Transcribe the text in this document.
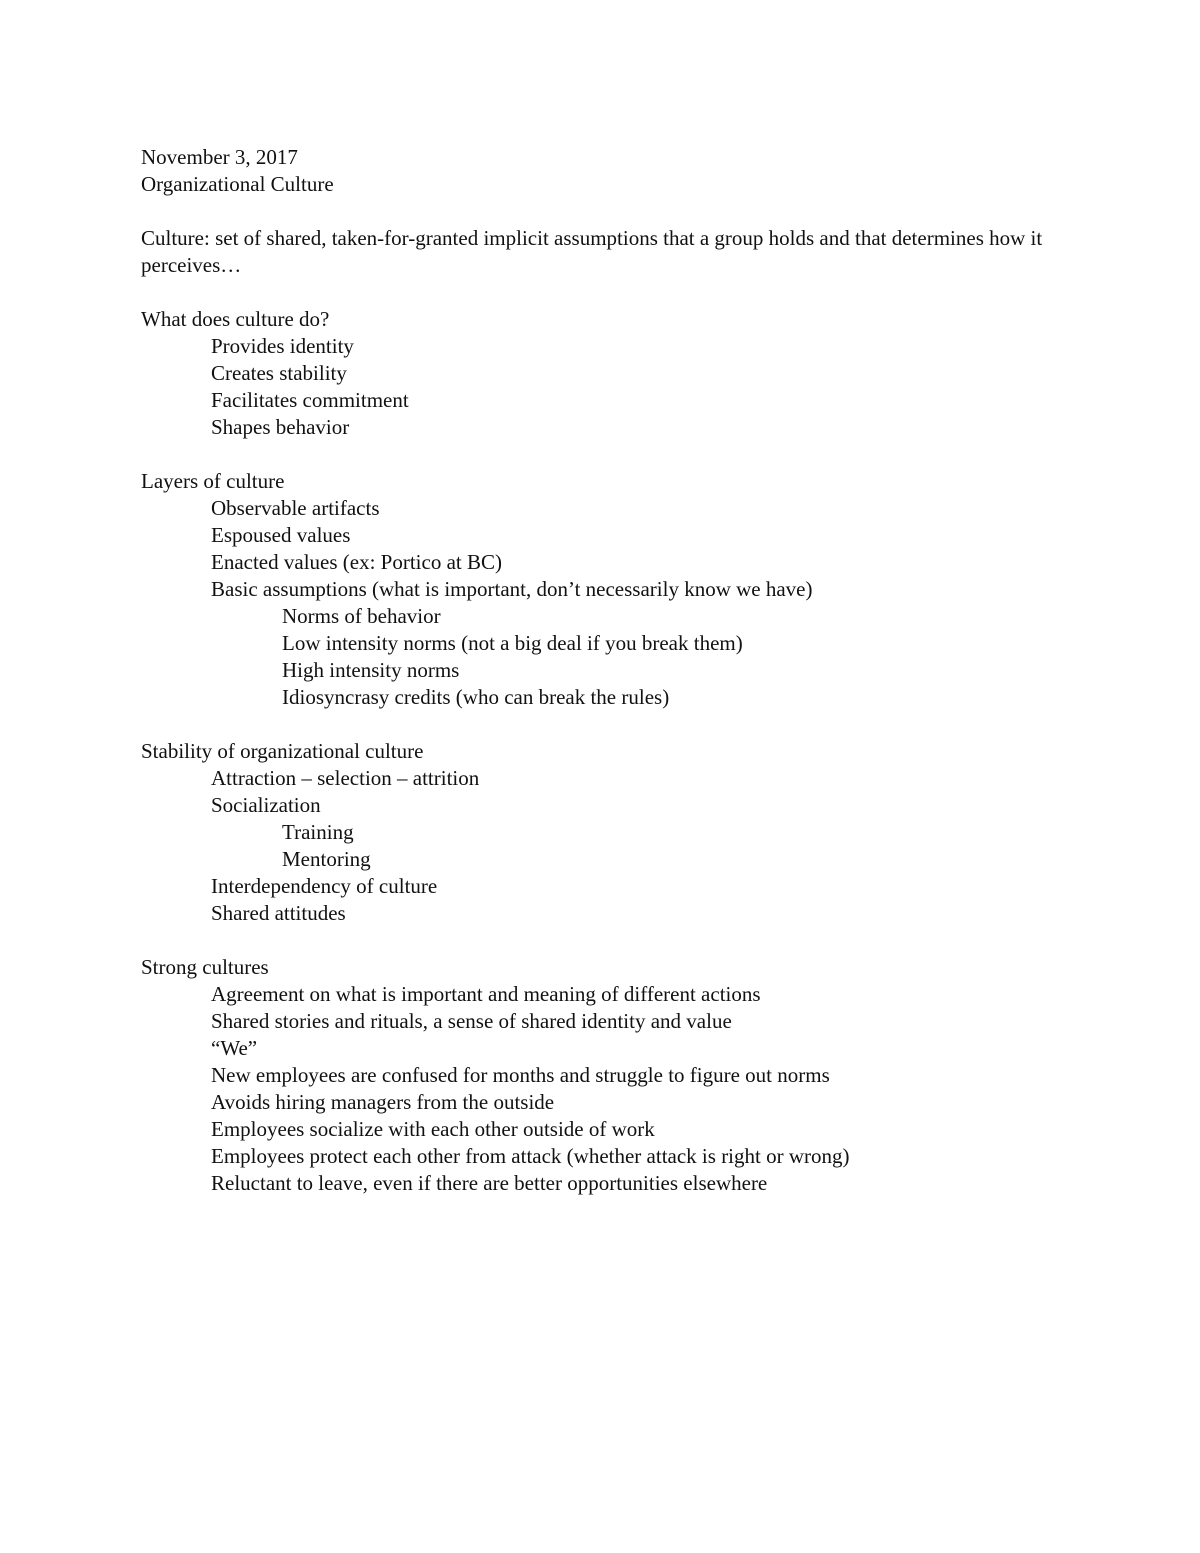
November 3, 2017
Organizational Culture
Culture: set of shared, taken-for-granted implicit assumptions that a group holds and that determines how it perceives…
What does culture do?
Provides identity
Creates stability
Facilitates commitment
Shapes behavior
Layers of culture
Observable artifacts
Espoused values
Enacted values (ex: Portico at BC)
Basic assumptions (what is important, don’t necessarily know we have)
Norms of behavior
Low intensity norms (not a big deal if you break them)
High intensity norms
Idiosyncrasy credits (who can break the rules)
Stability of organizational culture
Attraction – selection – attrition
Socialization
Training
Mentoring
Interdependency of culture
Shared attitudes
Strong cultures
Agreement on what is important and meaning of different actions
Shared stories and rituals, a sense of shared identity and value
“We”
New employees are confused for months and struggle to figure out norms
Avoids hiring managers from the outside
Employees socialize with each other outside of work
Employees protect each other from attack (whether attack is right or wrong)
Reluctant to leave, even if there are better opportunities elsewhere
